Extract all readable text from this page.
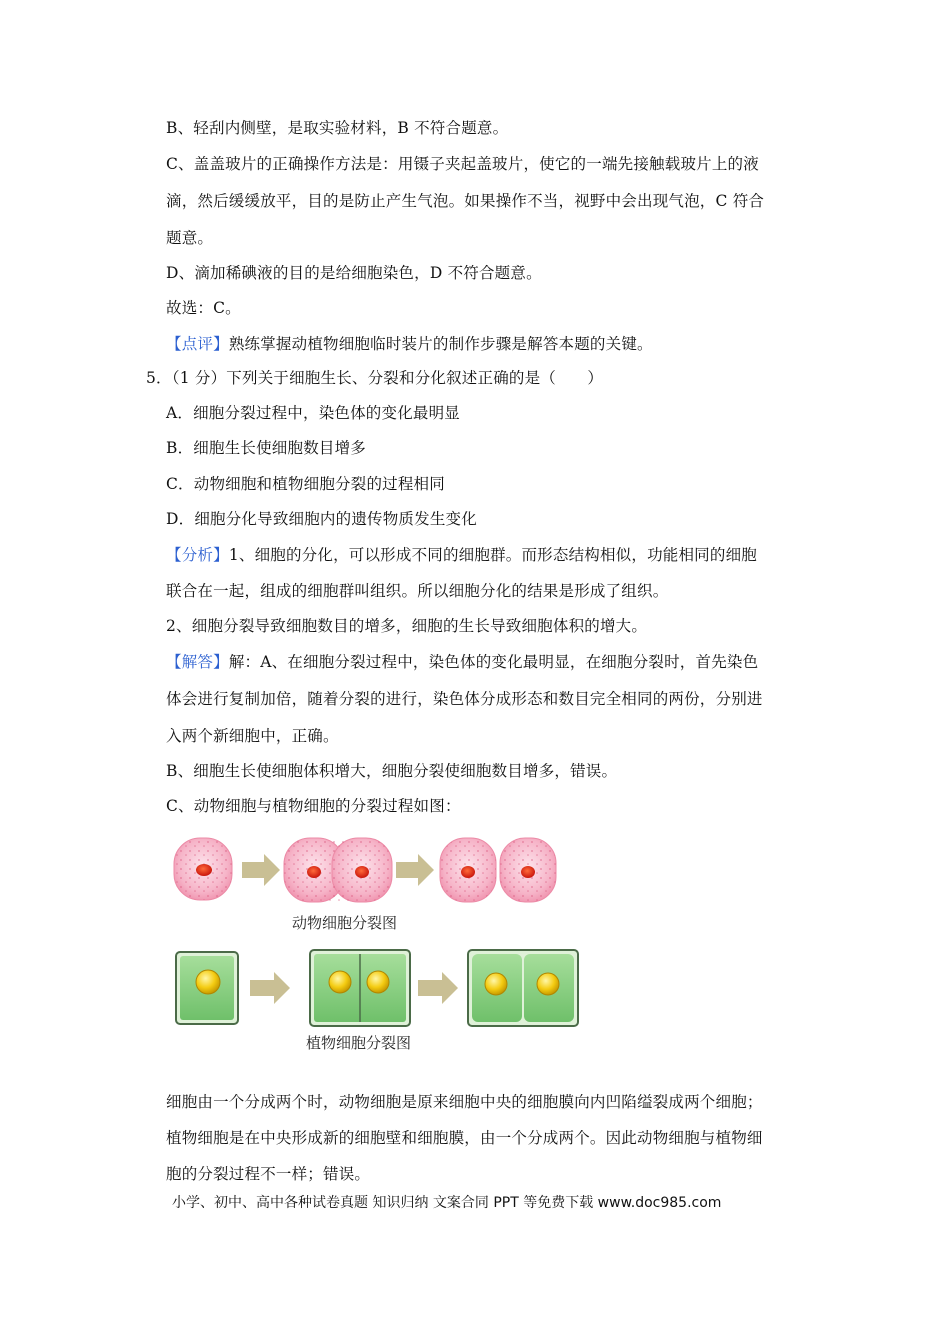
B、轻刮内侧壁，是取实验材料，B 不符合题意。
C、盖盖玻片的正确操作方法是：用镊子夹起盖玻片，使它的一端先接触载玻片上的液
滴，然后缓缓放平，目的是防止产生气泡。如果操作不当，视野中会出现气泡，C 符合
题意。
D、滴加稀碘液的目的是给细胞染色，D 不符合题意。
故选：C。
【点评】熟练掌握动植物细胞临时装片的制作步骤是解答本题的关键。
5．（1 分）下列关于细胞生长、分裂和分化叙述正确的是（　　）
A．细胞分裂过程中，染色体的变化最明显
B．细胞生长使细胞数目增多
C．动物细胞和植物细胞分裂的过程相同
D．细胞分化导致细胞内的遗传物质发生变化
【分析】1、细胞的分化，可以形成不同的细胞群。而形态结构相似，功能相同的细胞
联合在一起，组成的细胞群叫组织。所以细胞分化的结果是形成了组织。
2、细胞分裂导致细胞数目的增多，细胞的生长导致细胞体积的增大。
【解答】解：A、在细胞分裂过程中，染色体的变化最明显，在细胞分裂时，首先染色
体会进行复制加倍，随着分裂的进行，染色体分成形态和数目完全相同的两份，分别进
入两个新细胞中，正确。
B、细胞生长使细胞体积增大，细胞分裂使细胞数目增多，错误。
C、动物细胞与植物细胞的分裂过程如图：
动物细胞分裂图
植物细胞分裂图
细胞由一个分成两个时，动物细胞是原来细胞中央的细胞膜向内凹陷缢裂成两个细胞；
植物细胞是在中央形成新的细胞壁和细胞膜，由一个分成两个。因此动物细胞与植物细
胞的分裂过程不一样；错误。
小学、初中、高中各种试卷真题 知识归纳 文案合同 PPT 等免费下载 www.doc985.com
